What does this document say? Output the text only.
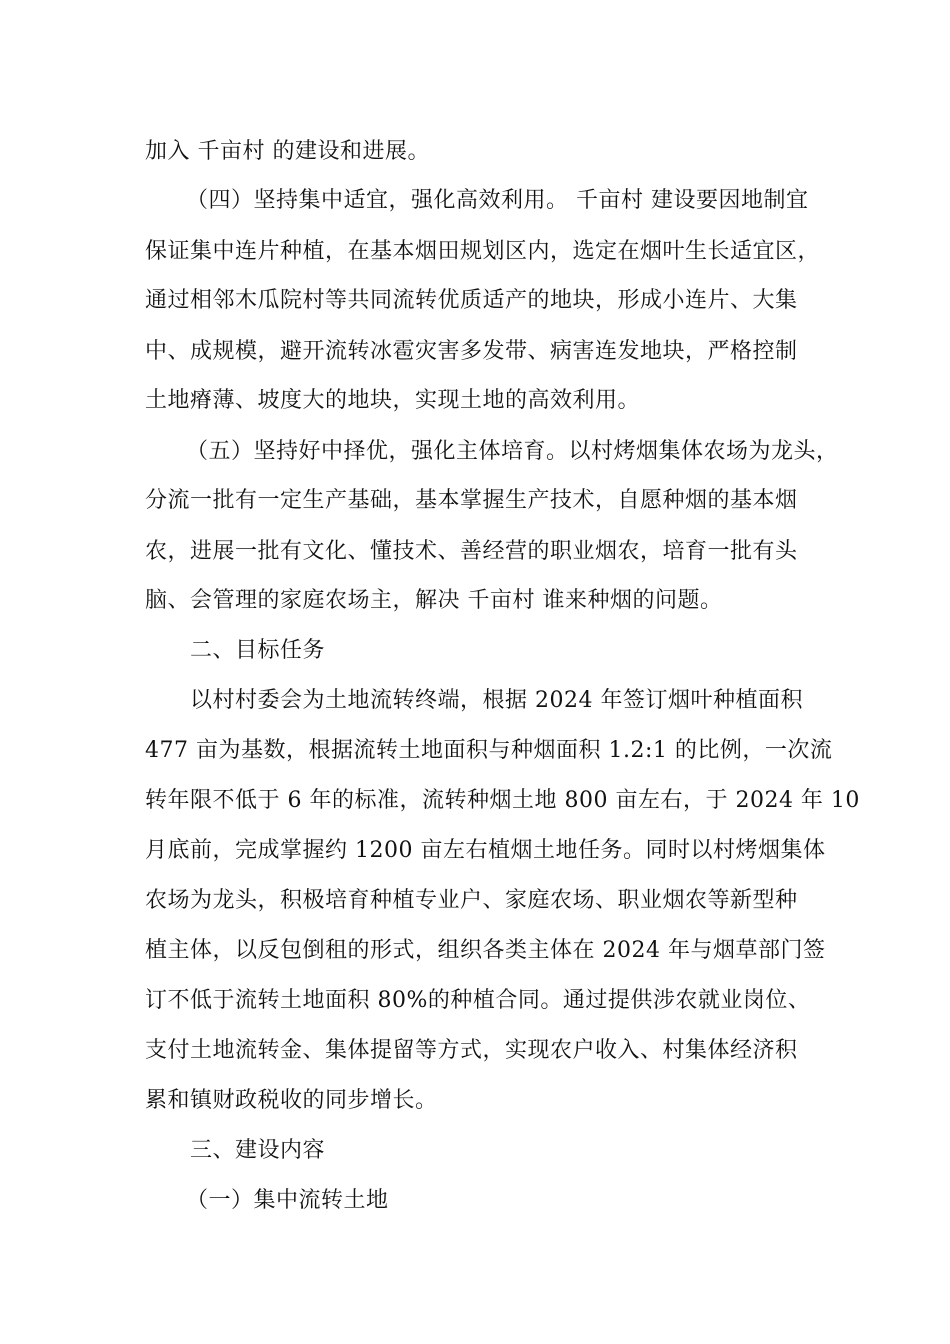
加入 千亩村 的建设和进展。
（四）坚持集中适宜，强化高效利用。 千亩村 建设要因地制宜
保证集中连片种植，在基本烟田规划区内，选定在烟叶生长适宜区，
通过相邻木瓜院村等共同流转优质适产的地块，形成小连片、大集
中、成规模，避开流转冰雹灾害多发带、病害连发地块，严格控制
土地瘠薄、坡度大的地块，实现土地的高效利用。
（五）坚持好中择优，强化主体培育。以村烤烟集体农场为龙头，
分流一批有一定生产基础，基本掌握生产技术，自愿种烟的基本烟
农，进展一批有文化、懂技术、善经营的职业烟农，培育一批有头
脑、会管理的家庭农场主，解决 千亩村 谁来种烟的问题。
二、目标任务
以村村委会为土地流转终端，根据 2024 年签订烟叶种植面积
477 亩为基数，根据流转土地面积与种烟面积 1.2:1 的比例，一次流
转年限不低于 6 年的标准，流转种烟土地 800 亩左右，于 2024 年 10
月底前，完成掌握约 1200 亩左右植烟土地任务。同时以村烤烟集体
农场为龙头，积极培育种植专业户、家庭农场、职业烟农等新型种
植主体，以反包倒租的形式，组织各类主体在 2024 年与烟草部门签
订不低于流转土地面积 80%的种植合同。通过提供涉农就业岗位、
支付土地流转金、集体提留等方式，实现农户收入、村集体经济积
累和镇财政税收的同步增长。
三、建设内容
（一）集中流转土地
